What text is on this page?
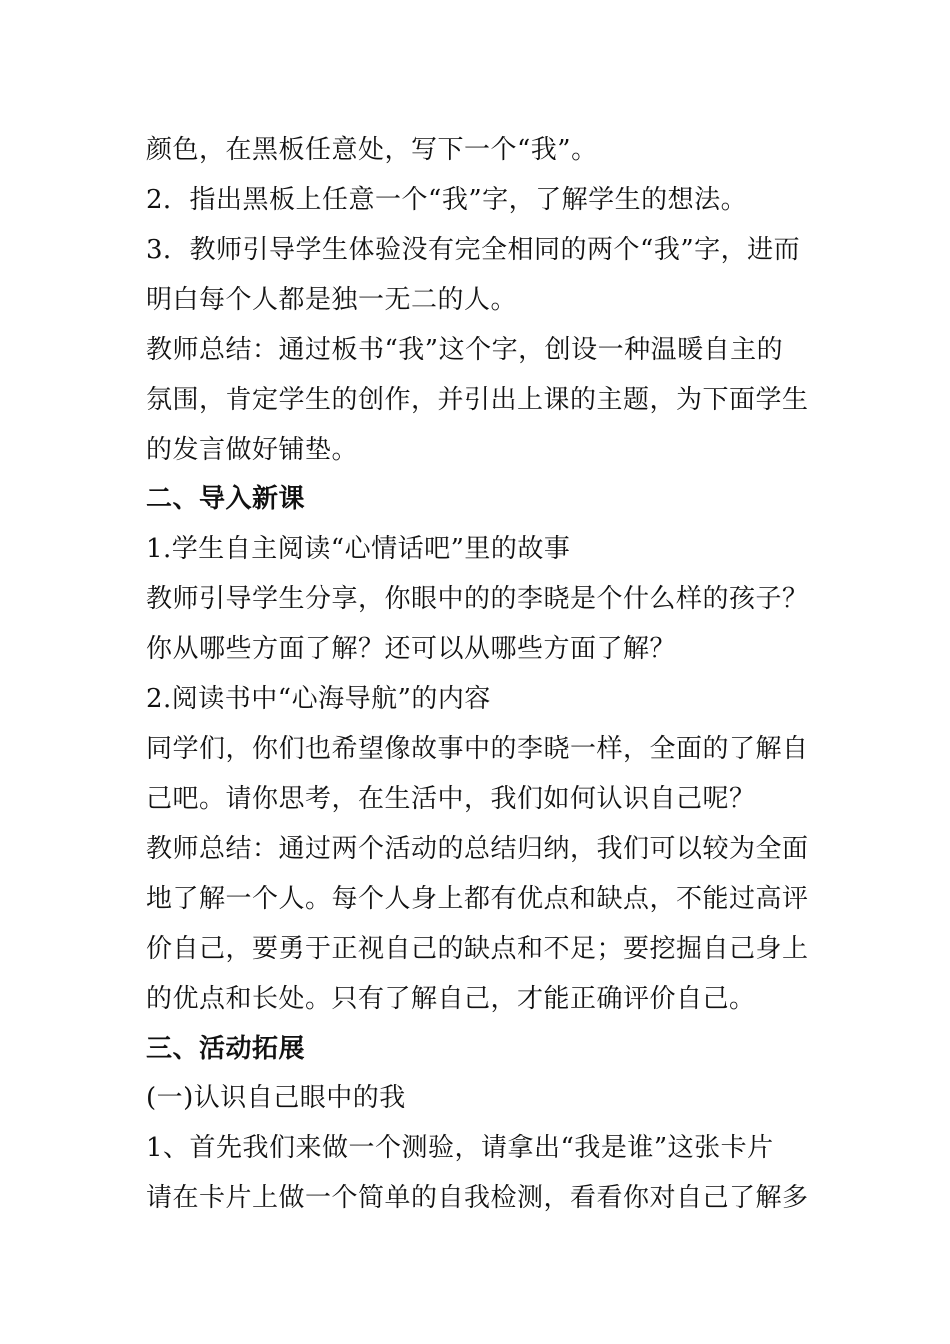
颜色，在黑板任意处，写下一个“我”。
2．指出黑板上任意一个“我”字，了解学生的想法。
3．教师引导学生体验没有完全相同的两个“我”字，进而
明白每个人都是独一无二的人。
教师总结：通过板书“我”这个字，创设一种温暖自主的
氛围，肯定学生的创作，并引出上课的主题，为下面学生
的发言做好铺垫。
二、导入新课
1.学生自主阅读“心情话吧”里的故事
教师引导学生分享，你眼中的的李晓是个什么样的孩子？
你从哪些方面了解？还可以从哪些方面了解？
2.阅读书中“心海导航”的内容
同学们，你们也希望像故事中的李晓一样，全面的了解自
己吧。请你思考，在生活中，我们如何认识自己呢？
教师总结：通过两个活动的总结归纳，我们可以较为全面
地了解一个人。每个人身上都有优点和缺点，不能过高评
价自己，要勇于正视自己的缺点和不足；要挖掘自己身上
的优点和长处。只有了解自己，才能正确评价自己。
三、活动拓展
(一)认识自己眼中的我
1、首先我们来做一个测验，请拿出“我是谁”这张卡片
请在卡片上做一个简单的自我检测，看看你对自己了解多
